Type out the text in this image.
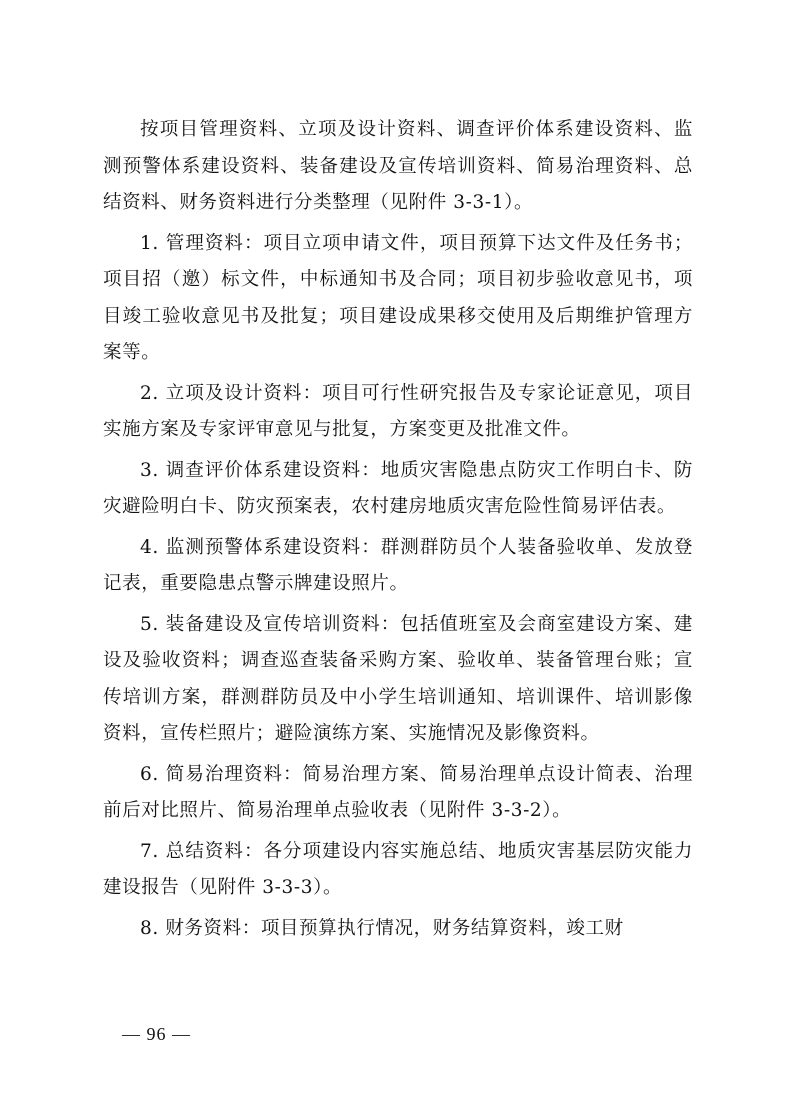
按项目管理资料、立项及设计资料、调查评价体系建设资料、监测预警体系建设资料、装备建设及宣传培训资料、简易治理资料、总结资料、财务资料进行分类整理（见附件 3-3-1）。

1. 管理资料：项目立项申请文件，项目预算下达文件及任务书；项目招（邀）标文件，中标通知书及合同；项目初步验收意见书，项目竣工验收意见书及批复；项目建设成果移交使用及后期维护管理方案等。

2. 立项及设计资料：项目可行性研究报告及专家论证意见，项目实施方案及专家评审意见与批复，方案变更及批准文件。

3. 调查评价体系建设资料：地质灾害隐患点防灾工作明白卡、防灾避险明白卡、防灾预案表，农村建房地质灾害危险性简易评估表。

4. 监测预警体系建设资料：群测群防员个人装备验收单、发放登记表，重要隐患点警示牌建设照片。

5. 装备建设及宣传培训资料：包括值班室及会商室建设方案、建设及验收资料；调查巡查装备采购方案、验收单、装备管理台账；宣传培训方案，群测群防员及中小学生培训通知、培训课件、培训影像资料，宣传栏照片；避险演练方案、实施情况及影像资料。

6. 简易治理资料：简易治理方案、简易治理单点设计简表、治理前后对比照片、简易治理单点验收表（见附件 3-3-2）。

7. 总结资料：各分项建设内容实施总结、地质灾害基层防灾能力建设报告（见附件 3-3-3）。

8. 财务资料：项目预算执行情况，财务结算资料，竣工财

— 96 —
